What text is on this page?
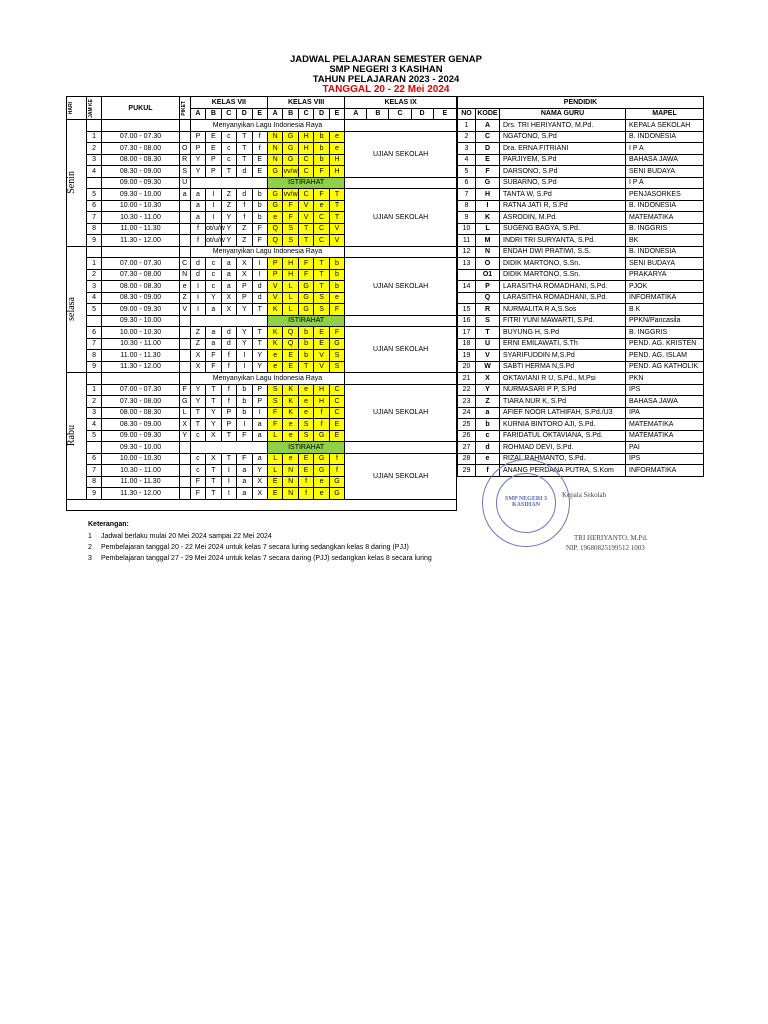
JADWAL PELAJARAN SEMESTER GENAP
SMP NEGERI 3 KASIHAN
TAHUN PELAJARAN 2023 - 2024
TANGGAL 20 - 22 Mei 2024
HARI	JAM KE	PUKUL	PIKET	KELAS VII					KELAS VIII					KELAS IX				
				A	B	C	D	E	A	B	C	D	E	A	B	C	D	E

Senin				Menyanyikan Lagu Indonesia Raya														
	1	07.00 - 07.30		P	E	c	T	f	N	G	H	b	e	UJIAN SEKOLAH				
	2	07.30 - 08.00	O	P	E	c	T	f	N	G	H	b	e					
	3	08.00 - 08.30	R	Y	P	c	T	E	N	G	C	b	H					
	4	08.30 - 09.00	S	Y	P	T	d	E	G	vv/w	C	F	H					
		09.00 - 09.30	U						ISTIRAHAT									
	5	09.30 - 10.00	a	a	I	Z	d	b	G	vv/w	C	F	T	UJIAN SEKOLAH				
	6	10.00 - 10.30		a	I	Z	f	b	G	F	V	e	T					
	7	10.30 - 11.00		a	I	Y	f	b	e	F	V	C	T					
	8	11.00 - 11.30		f	ot/u/w	Y	Z	F	Q	S	T	C	V					
	9	11.30 - 12.00		f	ot/u/w	Y	Z	F	Q	S	T	C	V					

selasa				Menyanyikan Lagu Indonesia Raya														
	1	07.00 - 07.30	C	d	c	a	X	I	P	H	F	T	b	UJIAN SEKOLAH				
	2	07.30 - 08.00	N	d	c	a	X	I	P	H	F	T	b					
	3	08.00 - 08.30	e	I	c	a	P	d	V	L	G	T	b					
	4	08.30 - 09.00	Z	I	Y	X	P	d	V	L	G	S	e					
	5	09.00 - 09.30	V	I	a	X	Y	T	K	L	G	S	F					
		09.30 - 10.00							ISTIRAHAT									
	6	10.00 - 10.30		Z	a	d	Y	T	K	Q	b	E	F	UJIAN SEKOLAH				
	7	10.30 - 11.00		Z	a	d	Y	T	K	Q	b	E	G					
	8	11.00 - 11.30		X	F	f	I	Y	e	E	b	V	S					
	9	11.30 - 12.00		X	F	f	I	Y	e	E	T	V	S					

Rabu				Menyanyikan Lagu Indonesia Raya														
	1	07.00 - 07.30	F	Y	T	f	b	P	S	K	e	H	C	UJIAN SEKOLAH				
	2	07.30 - 08.00	G	Y	T	f	b	P	S	K	e	H	C					
	3	08.00 - 08.30	L	T	Y	P	b	I	F	K	e	f	C					
	4	08.30 - 09.00	X	T	Y	P	I	a	F	e	S	f	E					
	5	09.00 - 09.30	Y	c	X	T	F	a	L	e	S	G	E					
		09.30 - 10.00							ISTIRAHAT									
	6	10.00 - 10.30		c	X	T	F	a	L	e	E	G	f	UJIAN SEKOLAH				
	7	10.30 - 11.00		c	T	I	a	Y	L	N	E	G	f					
	8	11.00 - 11.30		F	T	I	a	X	E	N	f	e	G					
	9	11.30 - 12.00		F	T	I	a	X	E	N	f	e	G					

PENDIDIK			
NO	KODE	NAMA GURU	MAPEL
1	A	Drs. TRI HERIYANTO, M.Pd.	KEPALA SEKOLAH
2	C	NGATONO, S.Pd	B. INDONESIA
3	D	Dra. ERNA FITRIANI	I P A
4	E	PARJIYEM, S.Pd	BAHASA JAWA
5	F	DARSONO, S.Pd	SENI BUDAYA
6	G	SUBARNO, S.Pd	I P A
7	H	TANTA W, S.Pd	PENJASORKES
8	I	RATNA JATI R, S.Pd	B. INDONESIA
9	K	ASRODIN, M.Pd.	MATEMATIKA
10	L	SUGENG BAGYA, S.Pd.	B. INGGRIS
11	M	INDRI TRI SURYANTA, S.Pd.	BK
12	N	ENDAH DWI PRATIWI, S.S.	B. INDONESIA
13	O	DIDIK MARTONO, S.Sn.	SENI BUDAYA
	O1	DIDIK MARTONO, S.Sn.	PRAKARYA
14	P	LARASITHA ROMADHANI, S.Pd.	PJOK
	Q	LARASITHA ROMADHANI, S.Pd.	INFORMATIKA
15	R	NURMALITA R A,S.Sos	B K
16	S	FITRI YUNI MAWARTI, S.Pd.	PPKN/Pancasila
17	T	BUYUNG H, S.Pd	B. INGGRIS
18	U	ERNI EMILAWATI, S.Th	PEND. AG. KRISTEN
19	V	SYARIFUDDIN M,S.Pd	PEND. AG. ISLAM
20	W	SABTI HERMA N,S.Pd	PEND. AG KATHOLIK
21	X	OKTAVIANI R U, S.Pd., M.Psi	PKN
22	Y	NURMASARI P P, S.Pd	IPS
23	Z	TIARA NUR K, S.Pd	BAHASA JAWA
24	a	AFIEF NOOR LATHIFAH, S.Pd./U3	IPA
25	b	KURNIA BINTORO AJI, S.Pd.	MATEMATIKA
26	c	FARIDATUL OKTAVIANA, S.Pd.	MATEMATIKA
27	d	ROHMAD DEVI, S.Pd.	PAI
28	e	RIZAL RAHMANTO, S.Pd.	IPS
29	f	ANANG PERDANA PUTRA, S.Kom	INFORMATIKA
Keterangan:
1 Jadwal berlaku mulai 20 Mei 2024 sampai 22 Mei 2024
2 Pembelajaran tanggal 20 - 22 Mei 2024 untuk kelas 7 secara luring sedangkan kelas 8 daring (PJJ)
3 Pembelajaran tanggal 27 - 29 Mei 2024 untuk kelas 7 secara daring (PJJ) sedangkan kelas 8 secara luring
SMP NEGERI 3 KASIHAN
Kepala Sekolah
TRI HERIYANTO, M.Pd.
NIP. 19680825199512 1003
